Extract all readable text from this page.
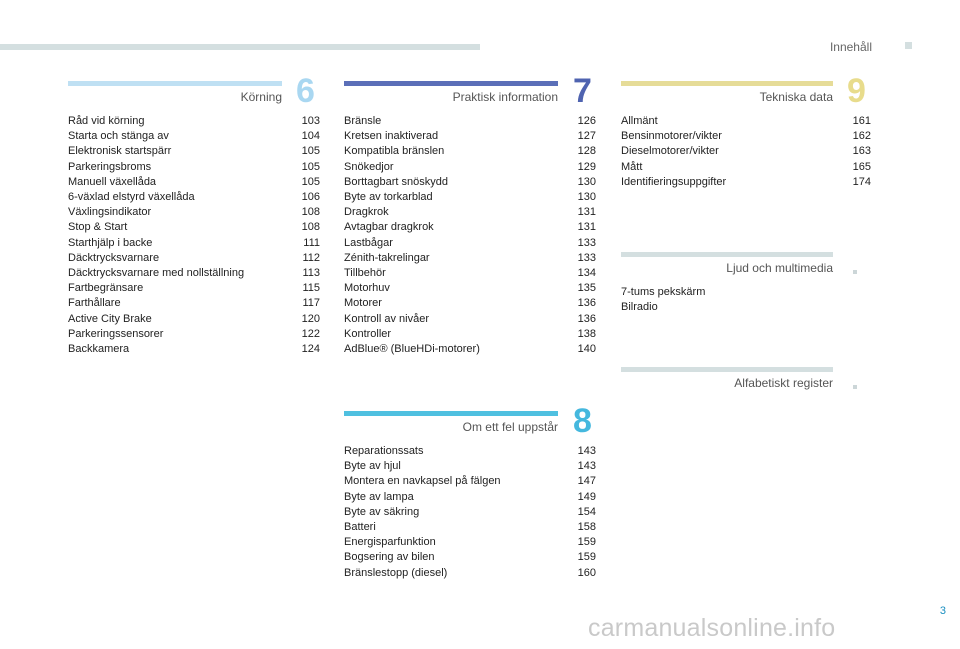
Innehåll
Körning 6
Råd vid körning	103
Starta och stänga av	104
Elektronisk startspärr	105
Parkeringsbroms	105
Manuell växellåda	105
6-växlad elstyrd växellåda	106
Växlingsindikator	108
Stop & Start	108
Starthjälp i backe	111
Däcktrycksvarnare	112
Däcktrycksvarnare med nollställning	113
Fartbegränsare	115
Farthållare	117
Active City Brake	120
Parkeringssensorer	122
Backkamera	124
Praktisk information 7
Bränsle	126
Kretsen inaktiverad	127
Kompatibla bränslen	128
Snökedjor	129
Borttagbart snöskydd	130
Byte av torkarblad	130
Dragkrok	131
Avtagbar dragkrok	131
Lastbågar	133
Zénith-takrelingar	133
Tillbehör	134
Motorhuv	135
Motorer	136
Kontroll av nivåer	136
Kontroller	138
AdBlue® (BlueHDi-motorer)	140
Om ett fel uppstår 8
Reparationssats	143
Byte av hjul	143
Montera en navkapsel på fälgen	147
Byte av lampa	149
Byte av säkring	154
Batteri	158
Energisparfunktion	159
Bogsering av bilen	159
Bränslestopp (diesel)	160
Tekniska data 9
Allmänt	161
Bensinmotorer/vikter	162
Dieselmotorer/vikter	163
Mått	165
Identifieringsuppgifter	174
Ljud och multimedia
7-tums pekskärm
Bilradio
Alfabetiskt register
3
carmanualsonline.info
